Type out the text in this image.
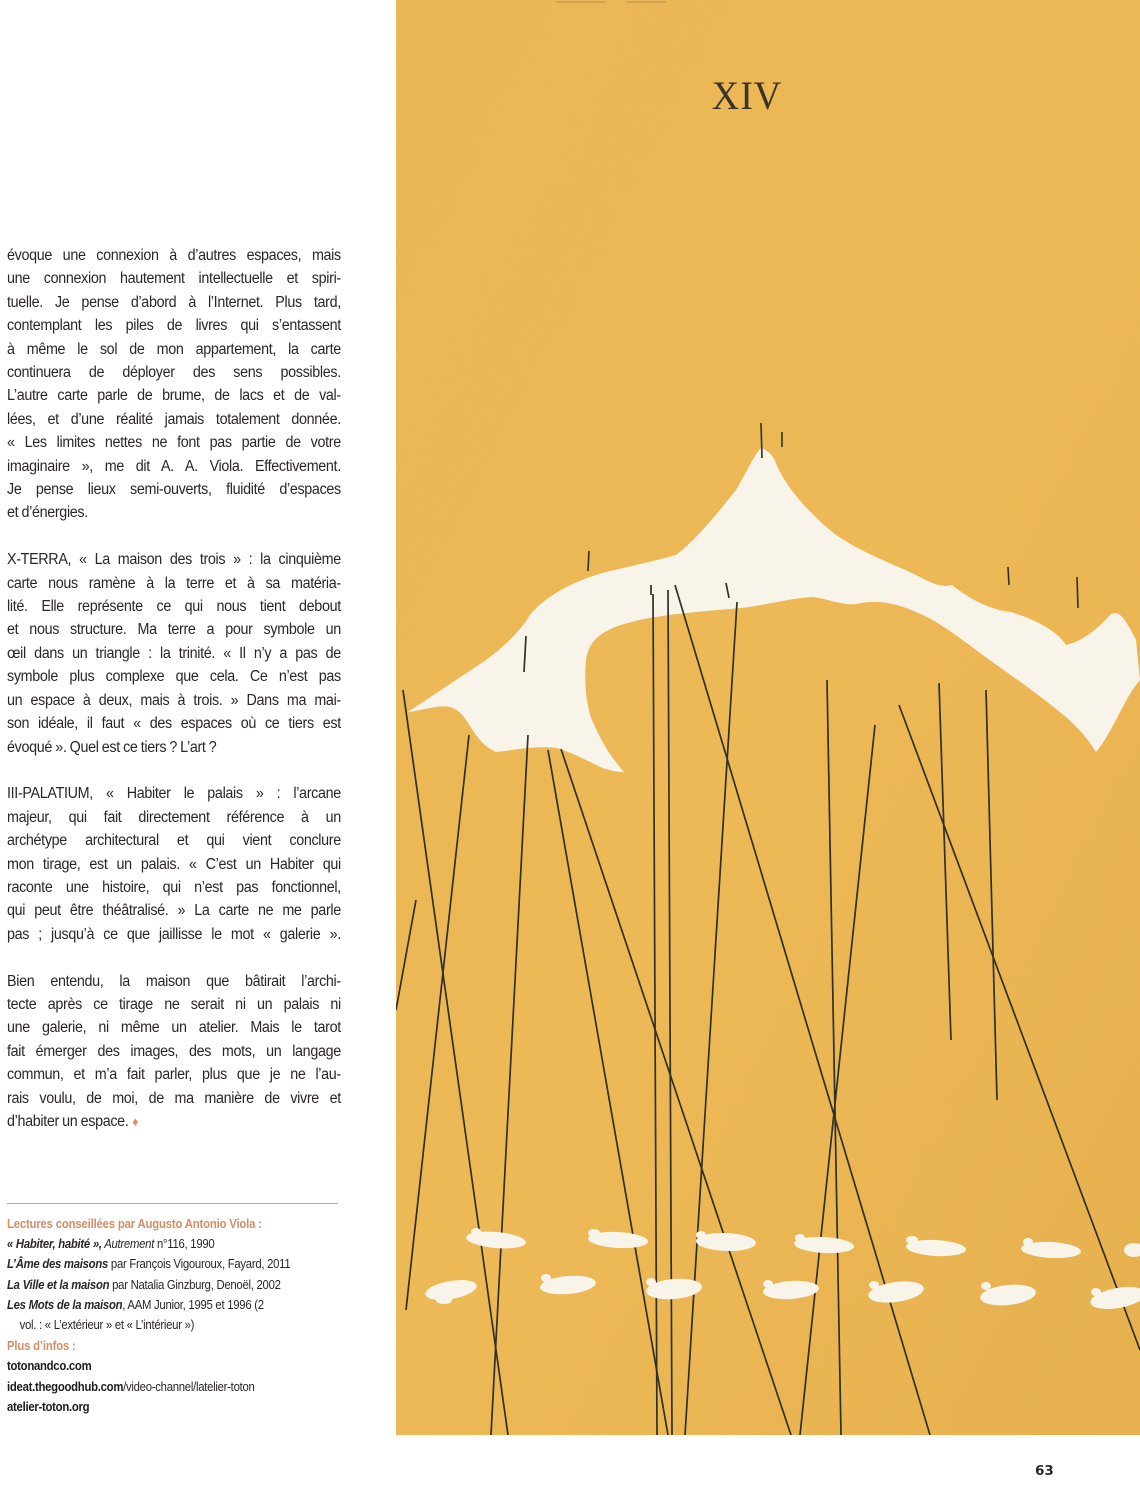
évoque une connexion à d’autres espaces, mais
une connexion hautement intellectuelle et spiri-
tuelle. Je pense d’abord à l’Internet. Plus tard,
contemplant les piles de livres qui s’entassent
à même le sol de mon appartement, la carte
continuera de déployer des sens possibles.
L’autre carte parle de brume, de lacs et de val-
lées, et d’une réalité jamais totalement donnée.
« Les limites nettes ne font pas partie de votre
imaginaire », me dit A. A. Viola. Effectivement.
Je pense lieux semi-ouverts, fluidité d’espaces
et d’énergies.

X-TERRA, « La maison des trois » : la cinquième
carte nous ramène à la terre et à sa matéria-
lité. Elle représente ce qui nous tient debout
et nous structure. Ma terre a pour symbole un
œil dans un triangle : la trinité. « Il n’y a pas de
symbole plus complexe que cela. Ce n’est pas
un espace à deux, mais à trois. » Dans ma mai-
son idéale, il faut « des espaces où ce tiers est
évoqué ». Quel est ce tiers ? L’art ?

III-PALATIUM, « Habiter le palais » : l’arcane
majeur, qui fait directement référence à un
archétype architectural et qui vient conclure
mon tirage, est un palais. « C’est un Habiter qui
raconte une histoire, qui n’est pas fonctionnel,
qui peut être théâtralisé. » La carte ne me parle
pas ; jusqu’à ce que jaillisse le mot « galerie ».

Bien entendu, la maison que bâtirait l’archi-
tecte après ce tirage ne serait ni un palais ni
une galerie, ni même un atelier. Mais le tarot
fait émerger des images, des mots, un langage
commun, et m’a fait parler, plus que je ne l’au-
rais voulu, de moi, de ma manière de vivre et
d’habiter un espace. ♦

Lectures conseillées par Augusto Antonio Viola :
« Habiter, habité », Autrement n°116, 1990
L’Âme des maisons par François Vigouroux, Fayard, 2011
La Ville et la maison par Natalia Ginzburg, Denoël, 2002
Les Mots de la maison, AAM Junior, 1995 et 1996 (2
vol. : « L’extérieur » et « L’intérieur »)
Plus d’infos :
totonandco.com
ideat.thegoodhub.com/video-channel/latelier-toton
atelier-toton.org
XIV
63
